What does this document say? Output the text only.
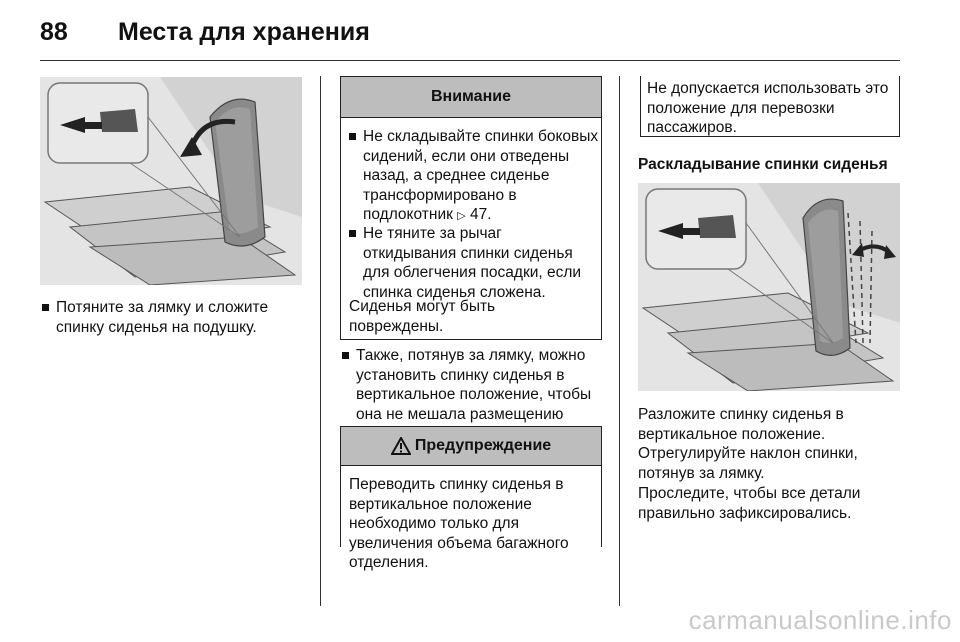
88 Места для хранения
Потяните за лямку и сложите спинку сиденья на подушку.
Внимание
Не складывайте спинки боковых сидений, если они отведены назад, а среднее сиденье трансформировано в подлокотник ▷ 47.
Не тяните за рычаг откидывания спинки сиденья для облегчения посадки, если спинка сиденья сложена.
Сиденья могут быть повреждены.
Также, потянув за лямку, можно установить спинку сиденья в вертикальное положение, чтобы она не мешала размещению
Предупреждение
Переводить спинку сиденья в вертикальное положение необходимо только для увеличения объема багажного отделения.
Не допускается использовать это положение для перевозки пассажиров.
Раскладывание спинки сиденья
Разложите спинку сиденья в вертикальное положение. Отрегулируйте наклон спинки, потянув за лямку.
Проследите, чтобы все детали правильно зафиксировались.
carmanualsonline.info
